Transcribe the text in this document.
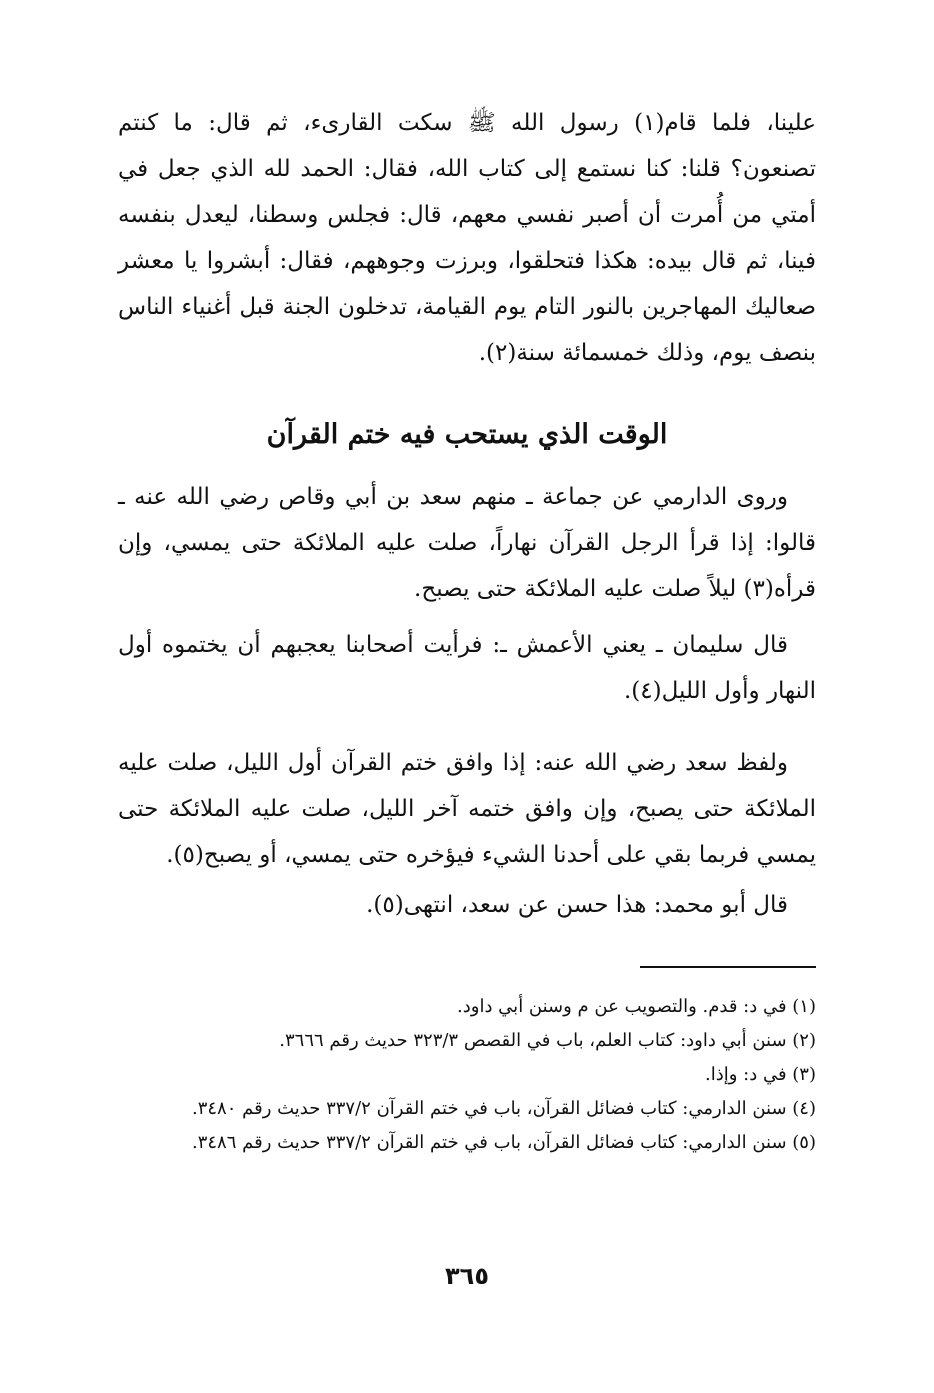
علينا، فلما قام(١) رسول الله ﷺ سكت القارىء، ثم قال: ما كنتم تصنعون؟ قلنا: كنا نستمع إلى كتاب الله، فقال: الحمد لله الذي جعل في أمتي من أُمرت أن أصبر نفسي معهم، قال: فجلس وسطنا، ليعدل بنفسه فينا، ثم قال بيده: هكذا فتحلقوا، وبرزت وجوههم، فقال: أبشروا يا معشر صعاليك المهاجرين بالنور التام يوم القيامة، تدخلون الجنة قبل أغنياء الناس بنصف يوم، وذلك خمسمائة سنة(٢).

الوقت الذي يستحب فيه ختم القرآن

وروى الدارمي عن جماعة ـ منهم سعد بن أبي وقاص رضي الله عنه ـ قالوا: إذا قرأ الرجل القرآن نهاراً، صلت عليه الملائكة حتى يمسي، وإن قرأه(٣) ليلاً صلت عليه الملائكة حتى يصبح.

قال سليمان ـ يعني الأعمش ـ: فرأيت أصحابنا يعجبهم أن يختموه أول النهار وأول الليل(٤).

ولفظ سعد رضي الله عنه: إذا وافق ختم القرآن أول الليل، صلت عليه الملائكة حتى يصبح، وإن وافق ختمه آخر الليل، صلت عليه الملائكة حتى يمسي فربما بقي على أحدنا الشيء فيؤخره حتى يمسي، أو يصبح(٥).

قال أبو محمد: هذا حسن عن سعد، انتهى(٥).

(١) في د: قدم. والتصويب عن م وسنن أبي داود.

(٢) سنن أبي داود: كتاب العلم، باب في القصص ٣٢٣/٣ حديث رقم ٣٦٦٦.

(٣) في د: وإذا.

(٤) سنن الدارمي: كتاب فضائل القرآن، باب في ختم القرآن ٣٣٧/٢ حديث رقم ٣٤٨٠.

(٥) سنن الدارمي: كتاب فضائل القرآن، باب في ختم القرآن ٣٣٧/٢ حديث رقم ٣٤٨٦.

٣٦٥
